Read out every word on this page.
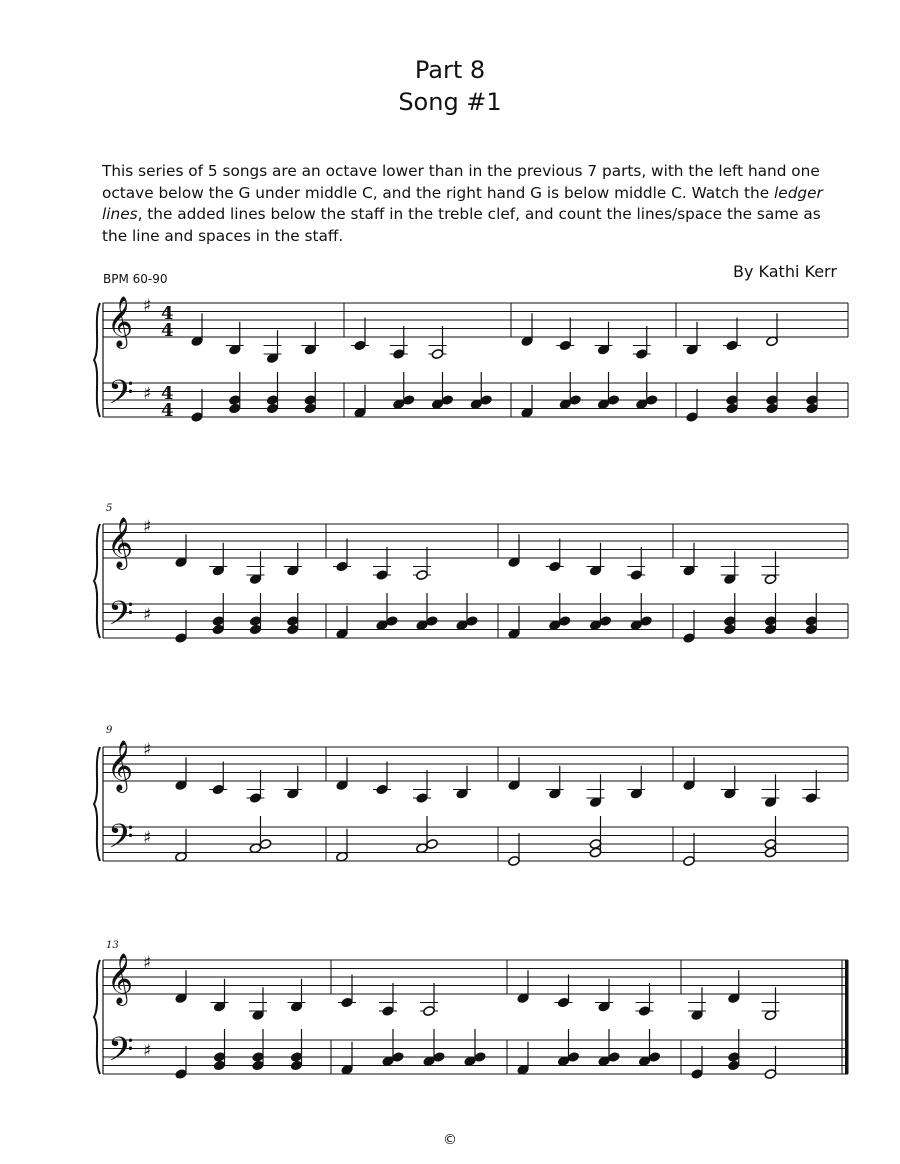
Part 8
Song #1
This series of 5 songs are an octave lower than in the previous 7 parts, with the left hand one octave below the G under middle C, and the right hand G is below middle C. Watch the ledger lines, the added lines below the staff in the treble clef, and count the lines/space the same as the line and spaces in the staff.
BPM 60-90	By Kathi Kerr
5
9
13
𝄞
𝄢
♯
♯
4
4
4
4
𝄞
𝄢
♯
♯
𝄞
𝄢
♯
♯
𝄞
𝄢
♯
♯
©
